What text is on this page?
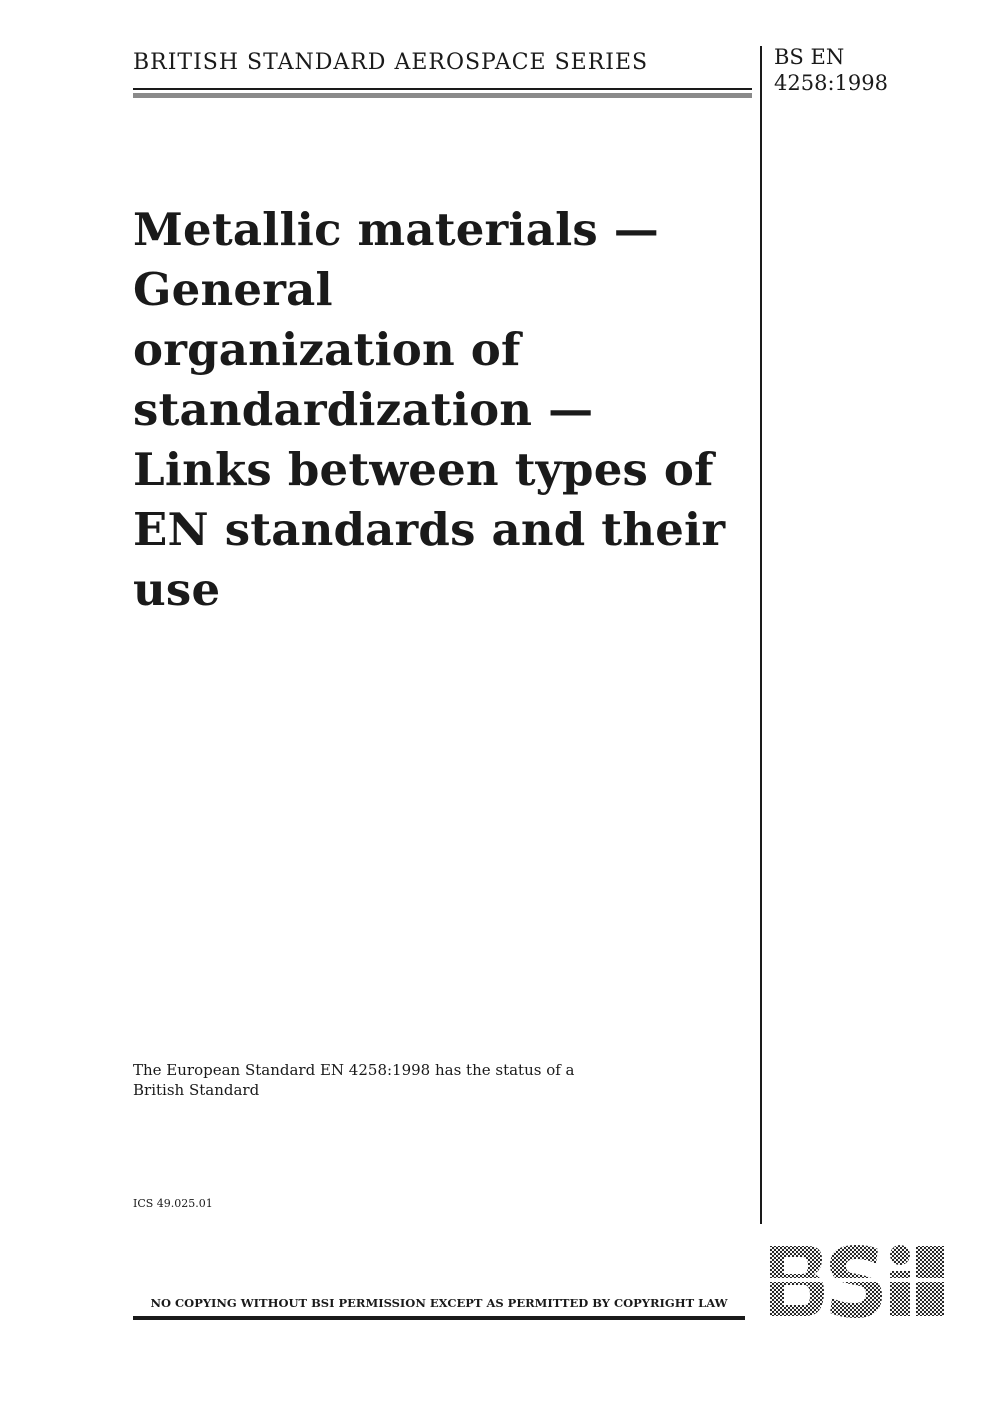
BRITISH STANDARD AEROSPACE SERIES	BS EN
4258:1998
Metallic materials —
General
organization of
standardization —
Links between types of
EN standards and their
use
The European Standard EN 4258:1998 has the status of a
British Standard
ICS 49.025.01
NO COPYING WITHOUT BSI PERMISSION EXCEPT AS PERMITTED BY COPYRIGHT LAW
